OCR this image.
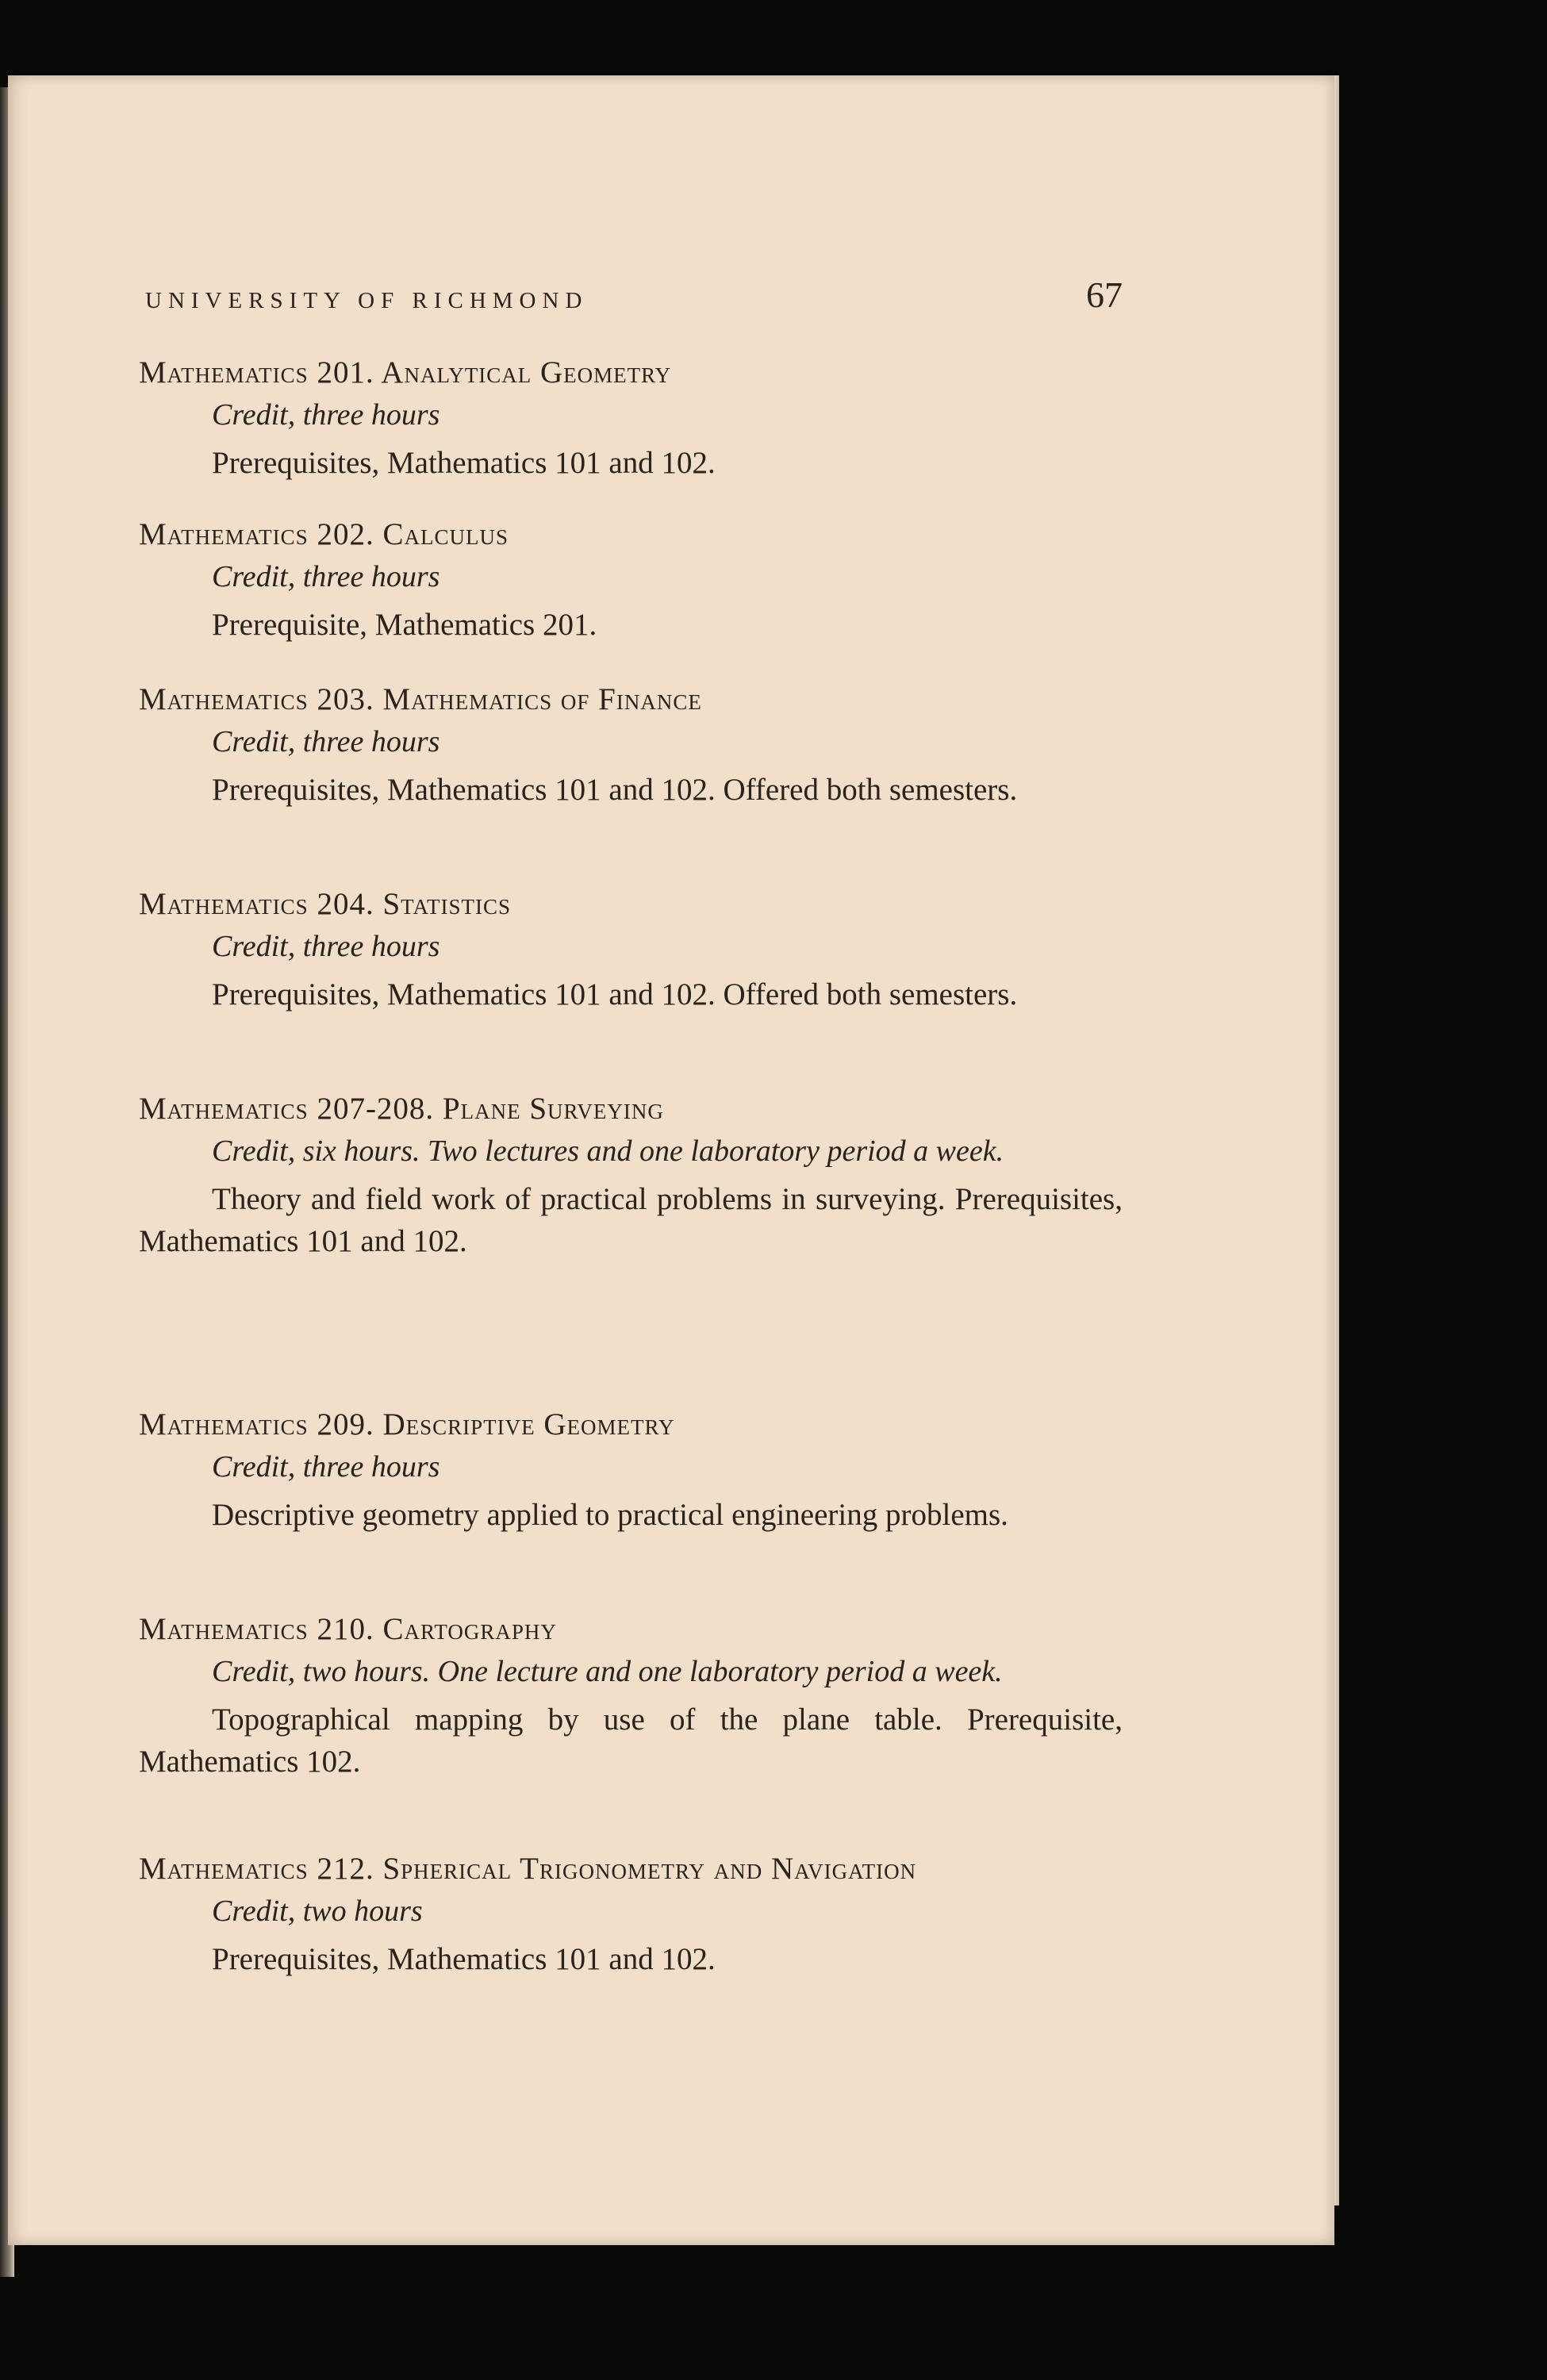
UNIVERSITY OF RICHMOND	67
Mathematics 201. Analytical Geometry
Credit, three hours
Prerequisites, Mathematics 101 and 102.
Mathematics 202. Calculus
Credit, three hours
Prerequisite, Mathematics 201.
Mathematics 203. Mathematics of Finance
Credit, three hours
Prerequisites, Mathematics 101 and 102. Offered both semesters.
Mathematics 204. Statistics
Credit, three hours
Prerequisites, Mathematics 101 and 102. Offered both semesters.
Mathematics 207-208. Plane Surveying
Credit, six hours. Two lectures and one laboratory period a week.
Theory and field work of practical problems in surveying. Prerequisites, Mathematics 101 and 102.
Mathematics 209. Descriptive Geometry
Credit, three hours
Descriptive geometry applied to practical engineering problems.
Mathematics 210. Cartography
Credit, two hours. One lecture and one laboratory period a week.
Topographical mapping by use of the plane table. Prerequisite, Mathematics 102.
Mathematics 212. Spherical Trigonometry and Navigation
Credit, two hours
Prerequisites, Mathematics 101 and 102.
